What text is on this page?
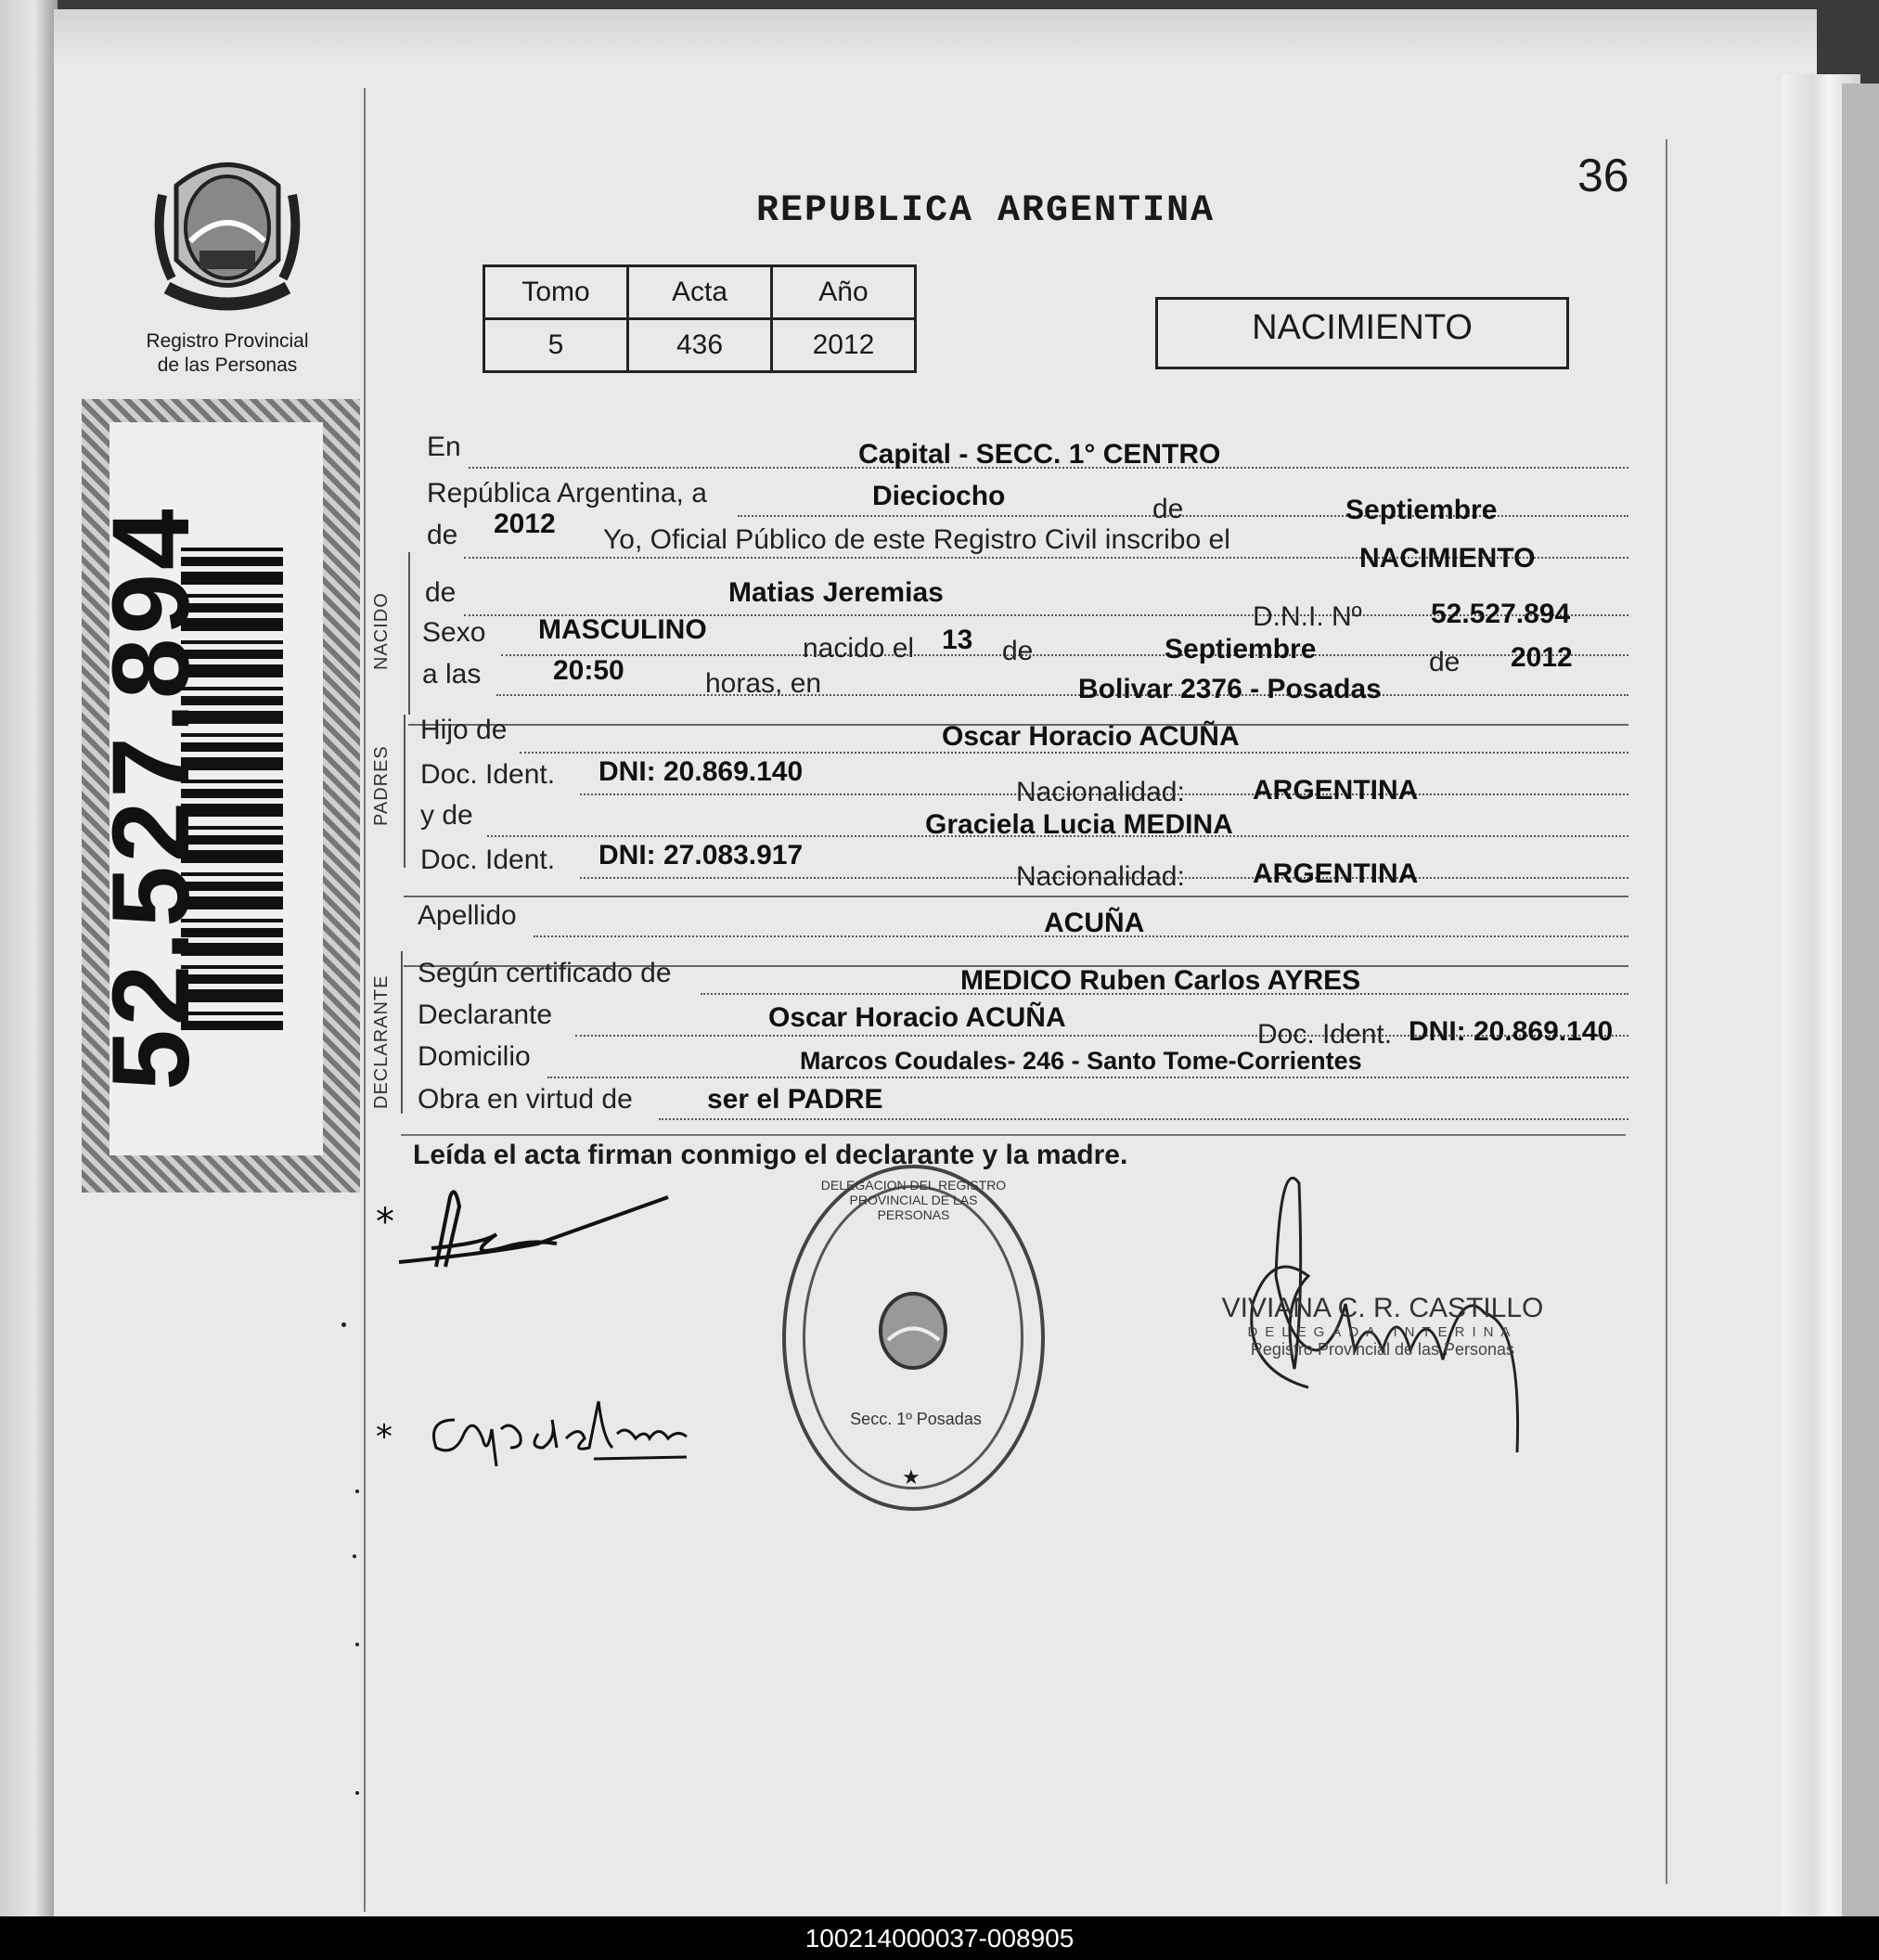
36
Registro Provincial
de las Personas
52.527.894
REPUBLICA ARGENTINA
Tomo	Acta	Año
5	436	2012	NACIMIENTO
NACIDO
PADRES
DECLARANTE
En	Capital - SECC. 1° CENTRO
República Argentina, a	Dieciocho	de	Septiembre
de 2012
Yo, Oficial Público de este Registro Civil inscribo el
NACIMIENTO
de	Matias Jeremias
D.N.I. Nº 52.527.894
Sexo MASCULINO
nacido el 13 de	Septiembre	de 2012
a las	20:50	horas, en	Bolivar 2376 - Posadas
Hijo de	Oscar Horacio ACUÑA
Doc. Ident. DNI: 20.869.140
Nacionalidad: ARGENTINA
y de	Graciela Lucia MEDINA
Doc. Ident. DNI: 27.083.917
Nacionalidad: ARGENTINA
Apellido	ACUÑA
Según certificado de	MEDICO Ruben Carlos AYRES
Declarante	Oscar Horacio ACUÑA
Doc. Ident. DNI: 20.869.140
Domicilio	Marcos Coudales- 246 - Santo Tome-Corrientes
Obra en virtud de	ser el PADRE
Leída el acta firman conmigo el declarante y la madre.
*
*
DELEGACION DEL REGISTRO PROVINCIAL DE LAS PERSONAS
Secc. 1º Posadas
★
VIVIANA C. R. CASTILLO
DELEGADA INTERINA
Registro Provincial de las Personas
100214000037-008905
